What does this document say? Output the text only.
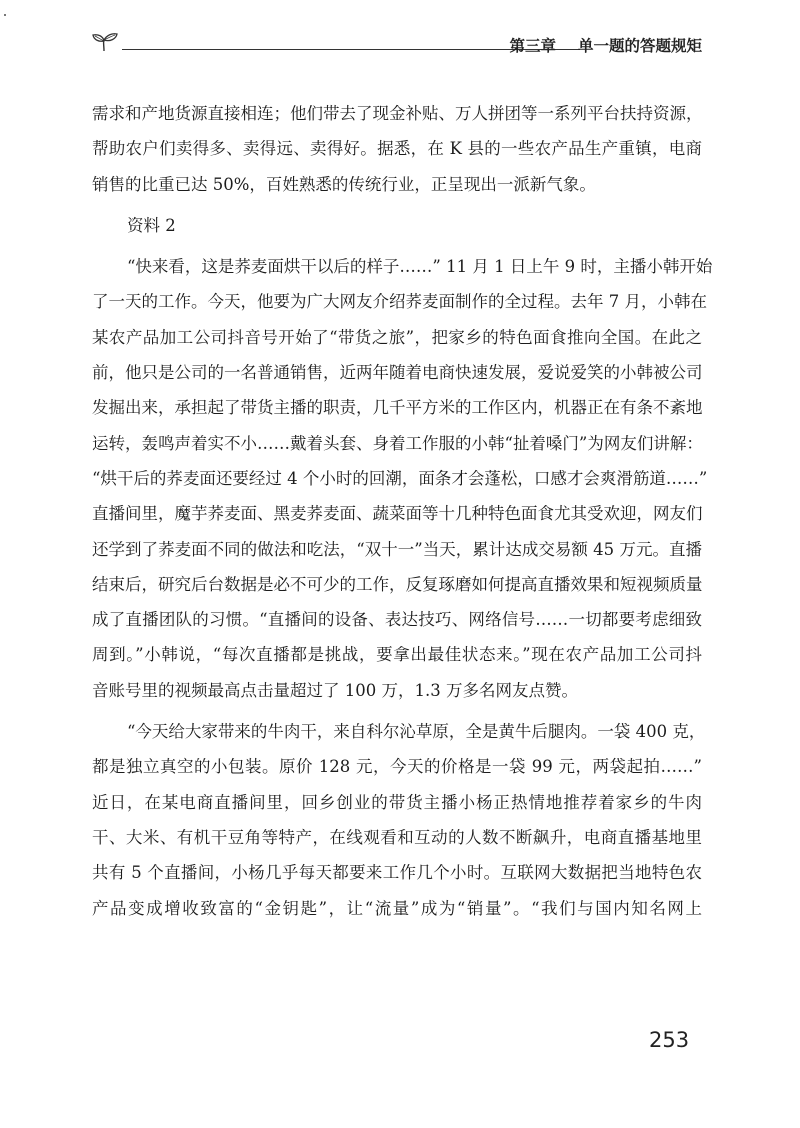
第三章 单一题的答题规矩
需求和产地货源直接相连；他们带去了现金补贴、万人拼团等一系列平台扶持资源，
帮助农户们卖得多、卖得远、卖得好。据悉，在 K 县的一些农产品生产重镇，电商
销售的比重已达 50%，百姓熟悉的传统行业，正呈现出一派新气象。
资料 2
“快来看，这是荞麦面烘干以后的样子……” 11 月 1 日上午 9 时，主播小韩开始
了一天的工作。今天，他要为广大网友介绍荞麦面制作的全过程。去年 7 月，小韩在
某农产品加工公司抖音号开始了“带货之旅”，把家乡的特色面食推向全国。在此之
前，他只是公司的一名普通销售，近两年随着电商快速发展，爱说爱笑的小韩被公司
发掘出来，承担起了带货主播的职责，几千平方米的工作区内，机器正在有条不紊地
运转，轰鸣声着实不小……戴着头套、身着工作服的小韩“扯着嗓门”为网友们讲解：
“烘干后的荞麦面还要经过 4 个小时的回潮，面条才会蓬松，口感才会爽滑筋道……”
直播间里，魔芋荞麦面、黑麦荞麦面、蔬菜面等十几种特色面食尤其受欢迎，网友们
还学到了荞麦面不同的做法和吃法，“双十一”当天，累计达成交易额 45 万元。直播
结束后，研究后台数据是必不可少的工作，反复琢磨如何提高直播效果和短视频质量
成了直播团队的习惯。“直播间的设备、表达技巧、网络信号……一切都要考虑细致
周到。”小韩说，“每次直播都是挑战，要拿出最佳状态来。”现在农产品加工公司抖
音账号里的视频最高点击量超过了 100 万，1.3 万多名网友点赞。
“今天给大家带来的牛肉干，来自科尔沁草原，全是黄牛后腿肉。一袋 400 克，
都是独立真空的小包装。原价 128 元，今天的价格是一袋 99 元，两袋起拍……”
近日，在某电商直播间里，回乡创业的带货主播小杨正热情地推荐着家乡的牛肉
干、大米、有机干豆角等特产，在线观看和互动的人数不断飙升，电商直播基地里
共有 5 个直播间，小杨几乎每天都要来工作几个小时。互联网大数据把当地特色农
产品变成增收致富的“金钥匙”，让“流量”成为“销量”。“我们与国内知名网上
253
